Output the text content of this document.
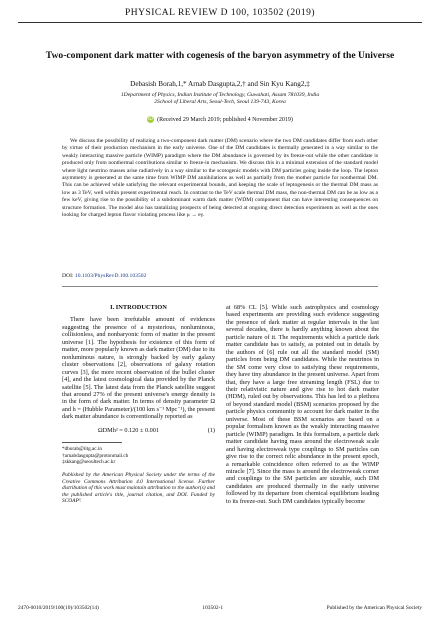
PHYSICAL REVIEW D 100, 103502 (2019)
Two-component dark matter with cogenesis of the baryon asymmetry of the Universe
Debasish Borah,1,* Arnab Dasgupta,2,† and Sin Kyu Kang2,‡
1Department of Physics, Indian Institute of Technology, Guwahati, Assam 781039, India
2School of Liberal Arts, Seoul-Tech, Seoul 139-743, Korea
iD (Received 29 March 2019; published 4 November 2019)
We discuss the possibility of realizing a two-component dark matter (DM) scenario where the two DM candidates differ from each other by virtue of their production mechanism in the early universe. One of the DM candidates is thermally generated in a way similar to the weakly interacting massive particle (WIMP) paradigm where the DM abundance is governed by its freeze-out while the other candidate is produced only from nonthermal contributions similar to freeze-in mechanism. We discuss this in a minimal extension of the standard model where light neutrino masses arise radiatively in a way similar to the scotogenic models with DM particles going inside the loop. The lepton asymmetry is generated at the same time from WIMP DM annihilations as well as partially from the mother particle for nonthermal DM. This can be achieved while satisfying the relevant experimental bounds, and keeping the scale of leptogenesis or the thermal DM mass as low as 3 TeV, well within present experimental reach. In contrast to the TeV scale thermal DM mass, the non-thermal DM can be as low as a few keV, giving rise to the possibility of a subdominant warm dark matter (WDM) component that can have interesting consequences on structure formation. The model also has tantalizing prospects of being detected at ongoing direct detection experiments as well as the ones looking for charged lepton flavor violating process like μ → eγ.
DOI: 10.1103/PhysRevD.100.103502
I. INTRODUCTION

There have been irrefutable amount of evidences suggesting the presence of a mysterious, nonluminous, collisionless, and nonbaryonic form of matter in the present universe [1]. The hypothesis for existence of this form of matter, more popularly known as dark matter (DM) due to its nonluminous nature, is strongly backed by early galaxy cluster observations [2], observations of galaxy rotation curves [3], the more recent observation of the bullet cluster [4], and the latest cosmological data provided by the Planck satellite [5]. The latest data from the Planck satellite suggest that around 27% of the present universe's energy density is in the form of dark matter. In terms of density parameter Ω and h = (Hubble Parameter)/(100 km s⁻¹ Mpc⁻¹), the present dark matter abundance is conventionally reported as

ΩDMh² = 0.120 ± 0.001	(1)

*dborah@iitg.ac.in

†arnabdasgupta@protonmail.ch

‡skkang@seoultech.ac.kr

Published by the American Physical Society under the terms of the Creative Commons Attribution 4.0 International license. Further distribution of this work must maintain attribution to the author(s) and the published article's title, journal citation, and DOI. Funded by SCOAP³.

at 68% CL [5]. While such astrophysics and cosmology based experiments are providing such evidence suggesting the presence of dark matter at regular intervals in the last several decades, there is hardly anything known about the particle nature of it. The requirements which a particle dark matter candidate has to satisfy, as pointed out in details by the authors of [6] rule out all the standard model (SM) particles from being DM candidates. While the neutrinos in the SM come very close to satisfying these requirements, they have tiny abundance in the present universe. Apart from that, they have a large free streaming length (FSL) due to their relativistic nature and give rise to hot dark matter (HDM), ruled out by observations. This has led to a plethora of beyond standard model (BSM) scenarios proposed by the particle physics community to account for dark matter in the universe. Most of these BSM scenarios are based on a popular formalism known as the weakly interacting massive particle (WIMP) paradigm. In this formalism, a particle dark matter candidate having mass around the electroweak scale and having electroweak type couplings to SM particles can give rise to the correct relic abundance in the present epoch, a remarkable coincidence often referred to as the WIMP miracle [7]. Since the mass is around the electroweak corner and couplings to the SM particles are sizeable, such DM candidates are produced thermally in the early universe followed by its departure from chemical equilibrium leading to its freeze-out. Such DM candidates typically become

2470-0010/2019/100(10)/103502(14)	103502-1	Published by the American Physical Society
